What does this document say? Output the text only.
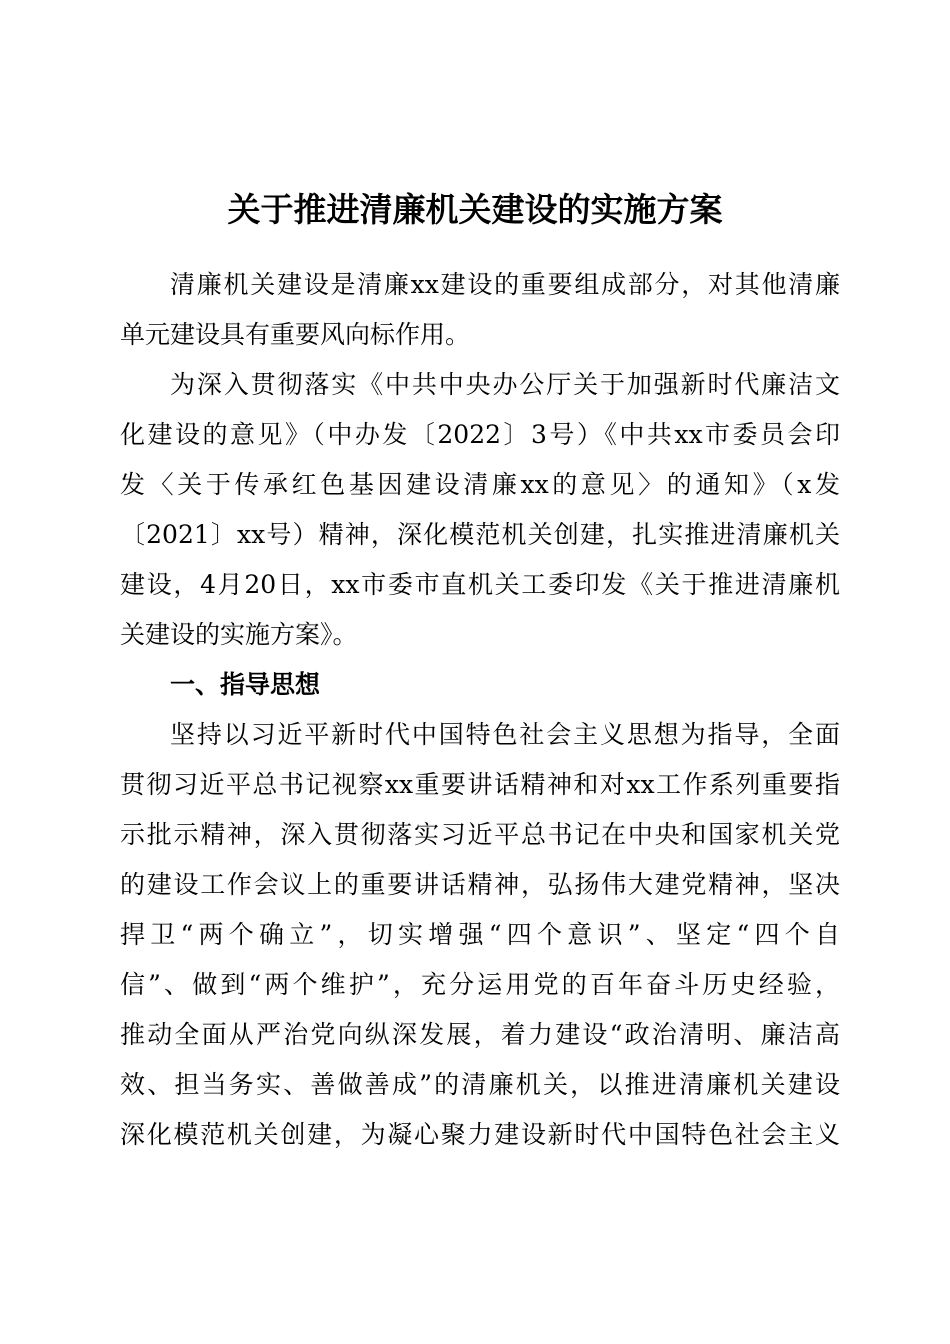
关于推进清廉机关建设的实施方案

清廉机关建设是清廉xx建设的重要组成部分，对其他清廉

单元建设具有重要风向标作用。

为深入贯彻落实《中共中央办公厅关于加强新时代廉洁文

化建设的意见》（中办发〔2022〕3号）《中共xx市委员会印

发〈关于传承红色基因建设清廉xx的意见〉的通知》（x发

〔2021〕xx号）精神，深化模范机关创建，扎实推进清廉机关

建设，4月20日，xx市委市直机关工委印发《关于推进清廉机

关建设的实施方案》。

一、指导思想

坚持以习近平新时代中国特色社会主义思想为指导，全面

贯彻习近平总书记视察xx重要讲话精神和对xx工作系列重要指

示批示精神，深入贯彻落实习近平总书记在中央和国家机关党

的建设工作会议上的重要讲话精神，弘扬伟大建党精神，坚决

捍卫“两个确立”，切实增强“四个意识”、坚定“四个自

信”、做到“两个维护”，充分运用党的百年奋斗历史经验，

推动全面从严治党向纵深发展，着力建设“政治清明、廉洁高

效、担当务实、善做善成”的清廉机关，以推进清廉机关建设

深化模范机关创建，为凝心聚力建设新时代中国特色社会主义
